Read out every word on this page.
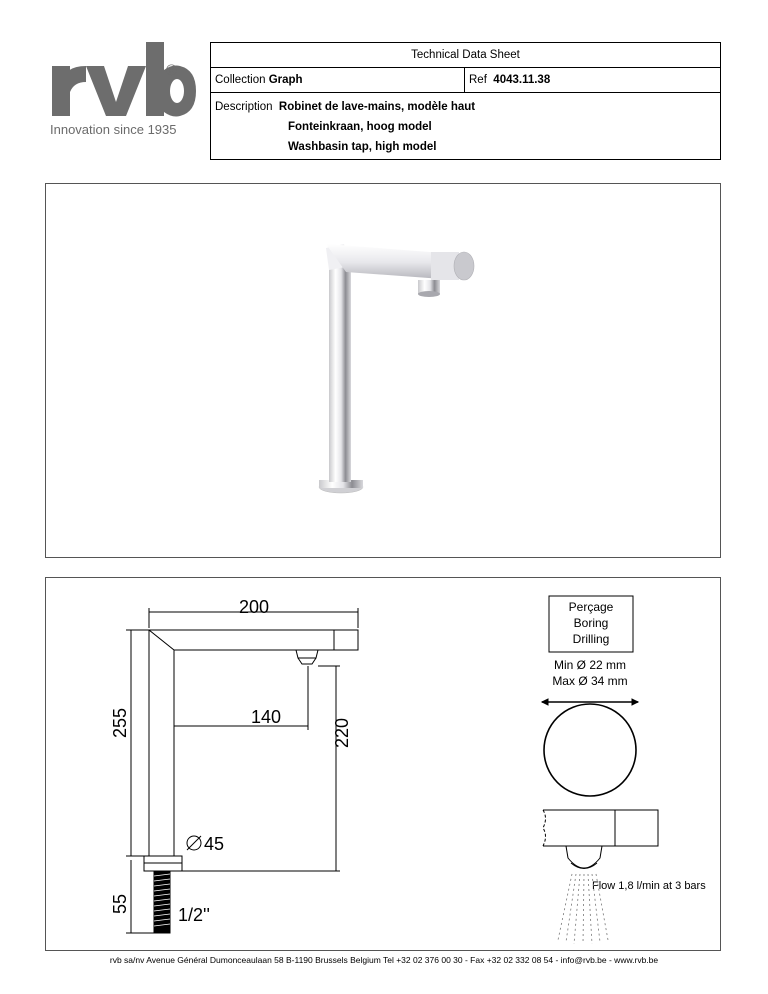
®
Innovation since 1935
Technical Data Sheet
Collection Graph	Ref 4043.11.38
Description Robinet de lave-mains, modèle haut
Fonteinkraan, hoog model
Washbasin tap, high model
200
1/2''
255
55
140
220
45
Perçage
Boring
Drilling
Min Ø 22 mm
Max Ø 34 mm
Flow 1,8 l/min at 3 bars
rvb sa/nv Avenue Général Dumonceaulaan 58 B-1190 Brussels Belgium Tel +32 02 376 00 30 - Fax +32 02 332 08 54 - info@rvb.be - www.rvb.be
